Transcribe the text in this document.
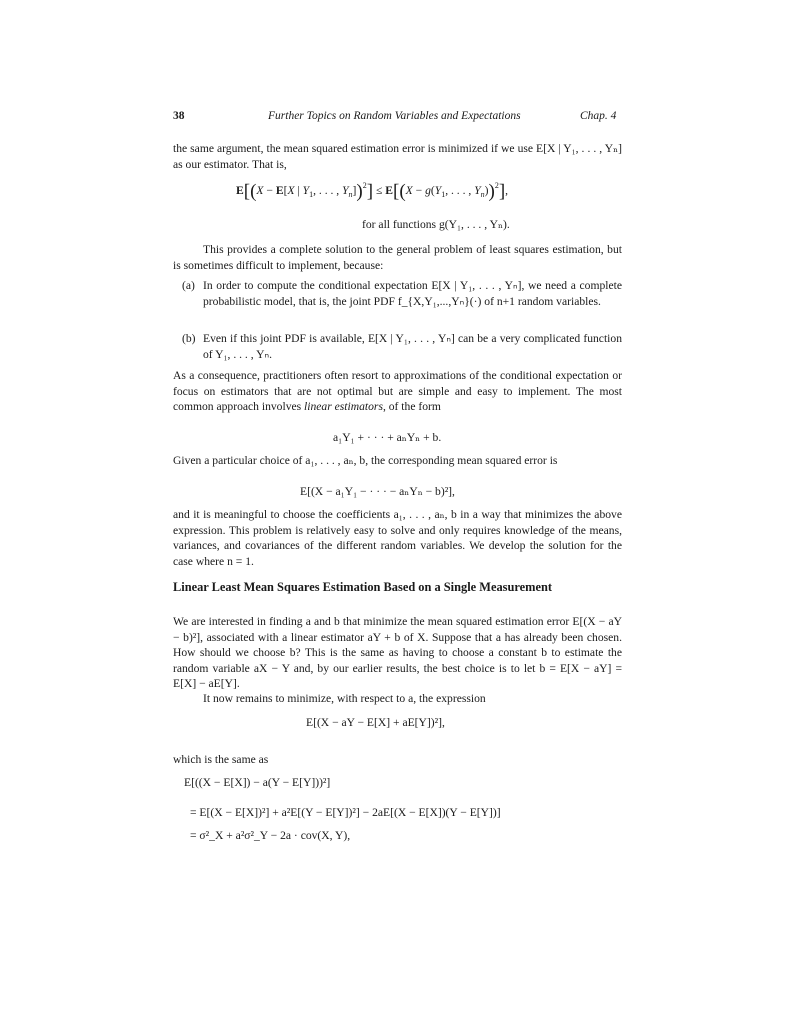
38	Further Topics on Random Variables and Expectations	Chap. 4
the same argument, the mean squared estimation error is minimized if we use E[X | Y₁, . . . , Yₙ] as our estimator. That is,
E[(X − E[X | $Y_1$, . . . , $Y_n])^2] \le E[(X - g(Y_1$, . . . , $Y_n))^2$],
for all functions g(Y₁, . . . , Yₙ).
This provides a complete solution to the general problem of least squares estimation, but is sometimes difficult to implement, because:
(a) In order to compute the conditional expectation E[X | Y₁, . . . , Yₙ], we need a complete probabilistic model, that is, the joint PDF f_{X,Y₁,...,Yₙ}(·) of n+1 random variables.
(b) Even if this joint PDF is available, E[X | Y₁, . . . , Yₙ] can be a very complicated function of Y₁, . . . , Yₙ.
As a consequence, practitioners often resort to approximations of the conditional expectation or focus on estimators that are not optimal but are simple and easy to implement. The most common approach involves linear estimators, of the form
a₁Y₁ + · · · + aₙYₙ + b.
Given a particular choice of a₁, . . . , aₙ, b, the corresponding mean squared error is
E[(X − a₁Y₁ − · · · − aₙYₙ − b)²],
and it is meaningful to choose the coefficients a₁, . . . , aₙ, b in a way that minimizes the above expression. This problem is relatively easy to solve and only requires knowledge of the means, variances, and covariances of the different random variables. We develop the solution for the case where n = 1.
Linear Least Mean Squares Estimation Based on a Single Measurement
We are interested in finding a and b that minimize the mean squared estimation error E[(X − aY − b)²], associated with a linear estimator aY + b of X. Suppose that a has already been chosen. How should we choose b? This is the same as having to choose a constant b to estimate the random variable aX − Y and, by our earlier results, the best choice is to let b = E[X − aY] = E[X] − aE[Y].
It now remains to minimize, with respect to a, the expression
E[(X − aY − E[X] + aE[Y])²],
which is the same as
E[((X − E[X]) − a(Y − E[Y]))²]
= E[(X − E[X])²] + a²E[(Y − E[Y])²] − 2aE[(X − E[X])(Y − E[Y])]
= σ²_X + a²σ²_Y − 2a · cov(X, Y),
